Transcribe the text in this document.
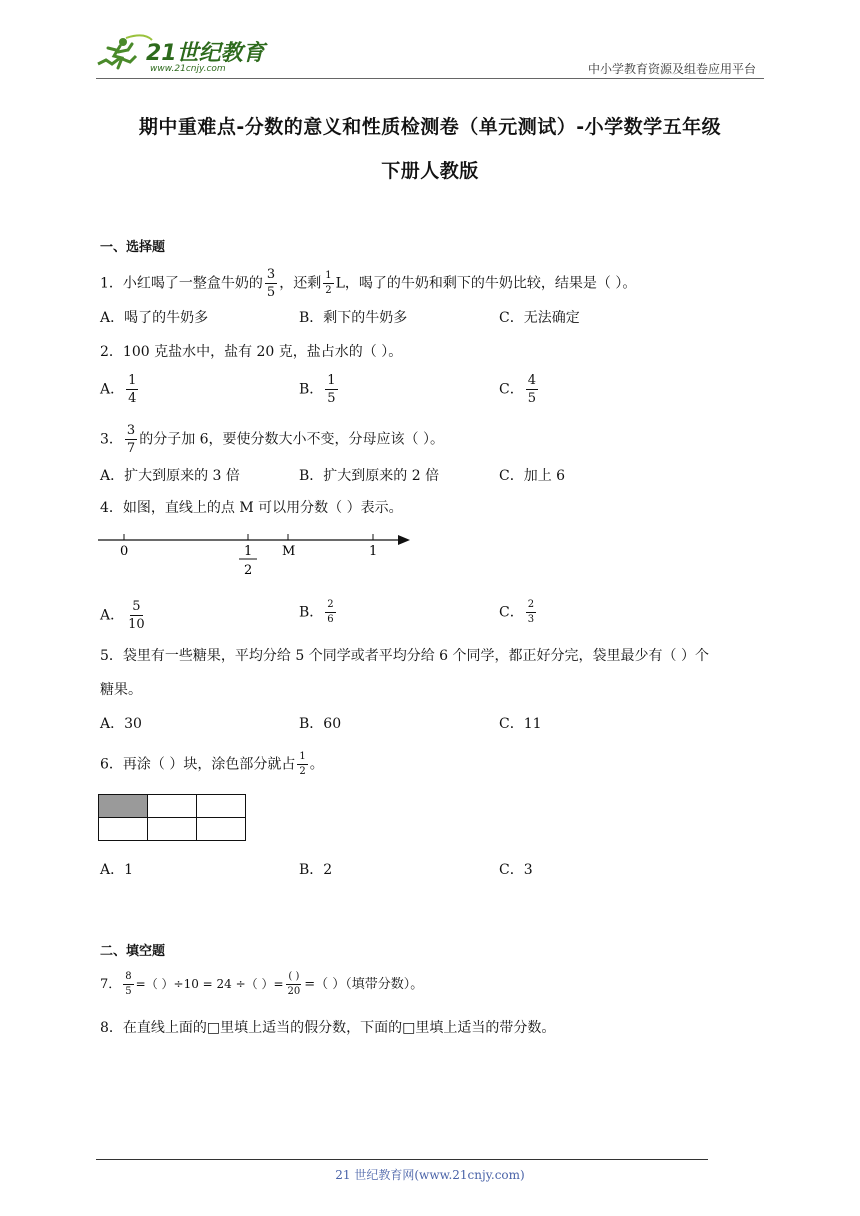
21世纪教育
www.21cnjy.com	中小学教育资源及组卷应用平台
期中重难点-分数的意义和性质检测卷（单元测试）-小学数学五年级
下册人教版
一、选择题
1．小红喝了一整盒牛奶的 $\frac{3}{5}$ ，还剩 $\frac{1}{2}$ L，喝了的牛奶和剩下的牛奶比较，结果是（ ）。
A．喝了的牛奶多	B．剩下的牛奶多	C．无法确定
2．100 克盐水中，盐有 20 克，盐占水的（ ）。
A． $\frac{1}{4}$	B． $\frac{1}{5}$	C． $\frac{4}{5}$
3． $\frac{3}{7}$ 的分子加 6，要使分数大小不变，分母应该（ ）。
A．扩大到原来的 3 倍	B．扩大到原来的 2 倍	C．加上 6
4．如图，直线上的点 M 可以用分数（ ）表示。
0	1
2
M	1
A． $\frac{5}{10}$	B． $\frac{2}{6}$	C． $\frac{2}{3}$
5．袋里有一些糖果，平均分给 5 个同学或者平均分给 6 个同学，都正好分完，袋里最少有（ ）个
糖果。
A．30	B．60	C．11
6．再涂（ ）块，涂色部分就占 $\frac{1}{2}$ 。

A．1	B．2	C．3
二、填空题
7． $\frac{8}{5}$ =（ ）÷10 = 24 ÷（ ）= $\frac{( )}{20}$ =（ ）（填带分数）。
8．在直线上面的□里填上适当的假分数，下面的□里填上适当的带分数。
21 世纪教育网(www.21cnjy.com)
